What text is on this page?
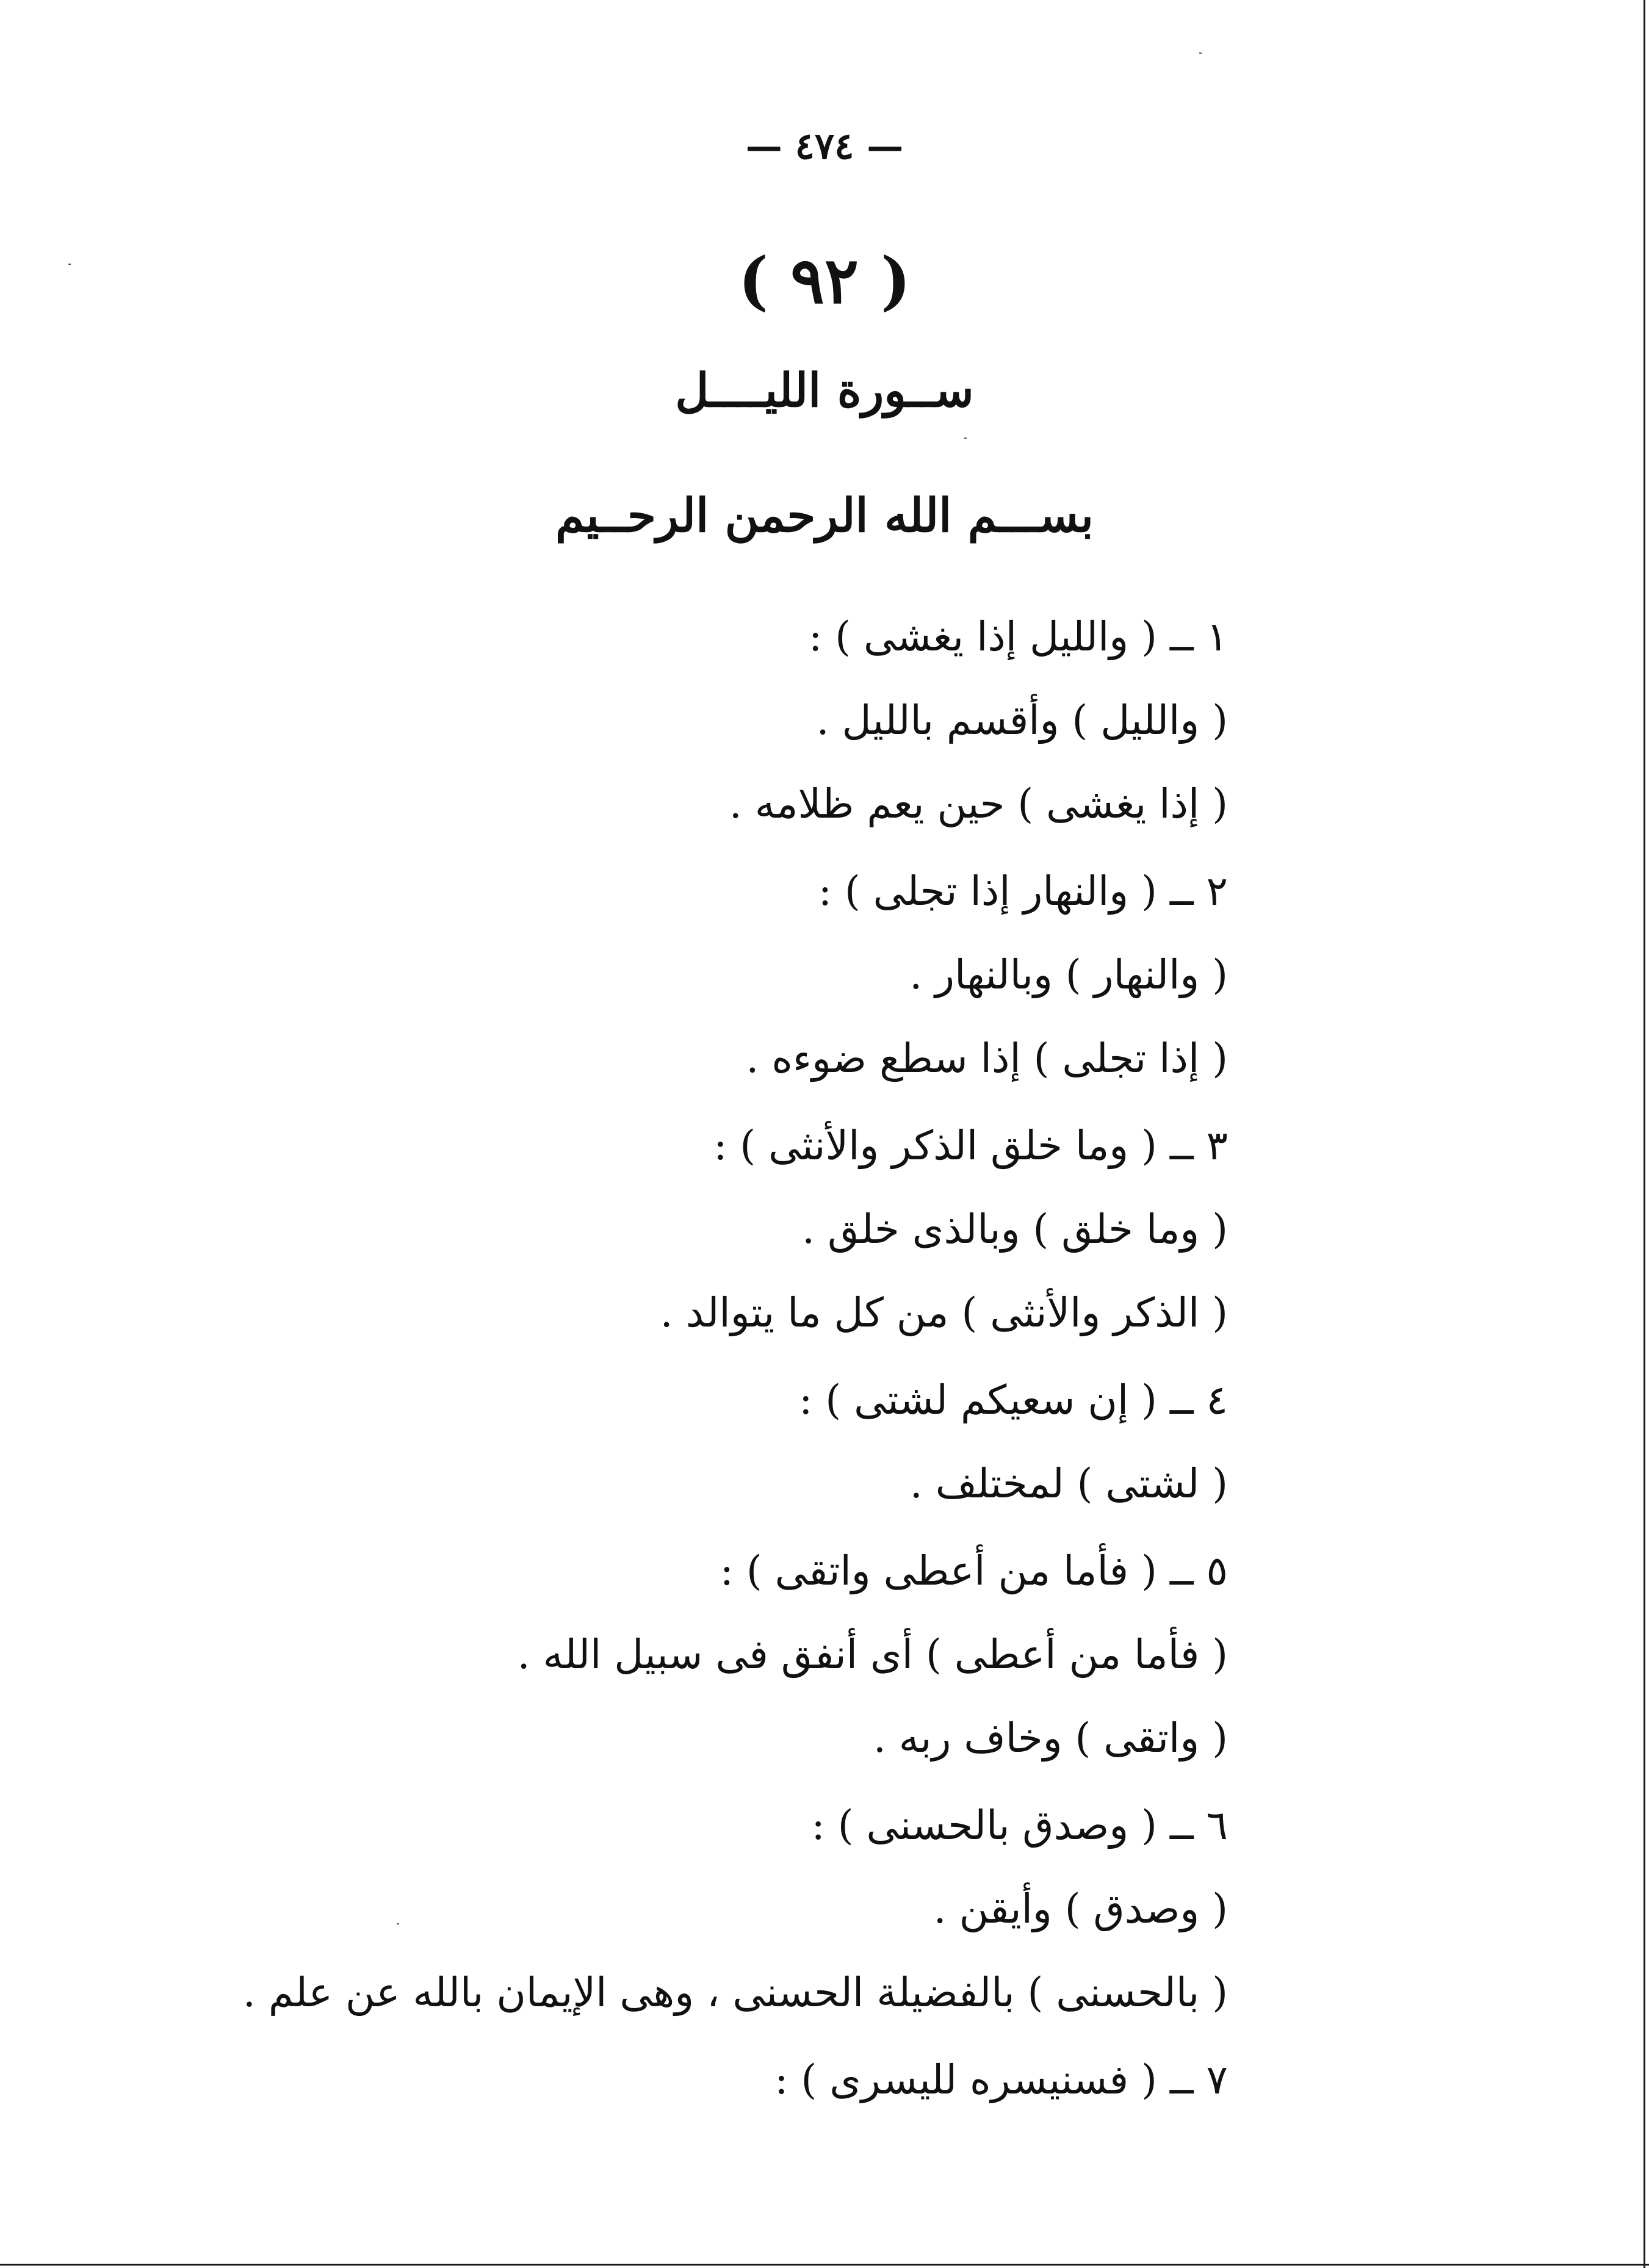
— ٤٧٤ —
( ٩٢ )
ســورة الليــــل
بســـم الله الرحمن الرحــيم
١ ــ ( والليل إذا يغشى ) :
( والليل ) وأقسم بالليل .
( إذا يغشى ) حين يعم ظلامه .
٢ ــ ( والنهار إذا تجلى ) :
( والنهار ) وبالنهار .
( إذا تجلى ) إذا سطع ضوءه .
٣ ــ ( وما خلق الذكر والأنثى ) :
( وما خلق ) وبالذى خلق .
( الذكر والأنثى ) من كل ما يتوالد .
٤ ــ ( إن سعيكم لشتى ) :
( لشتى ) لمختلف .
٥ ــ ( فأما من أعطى واتقى ) :
( فأما من أعطى ) أى أنفق فى سبيل الله .
( واتقى ) وخاف ربه .
٦ ــ ( وصدق بالحسنى ) :
( وصدق ) وأيقن .
( بالحسنى ) بالفضيلة الحسنى ، وهى الإيمان بالله عن علم .
٧ ــ ( فسنيسره لليسرى ) :
